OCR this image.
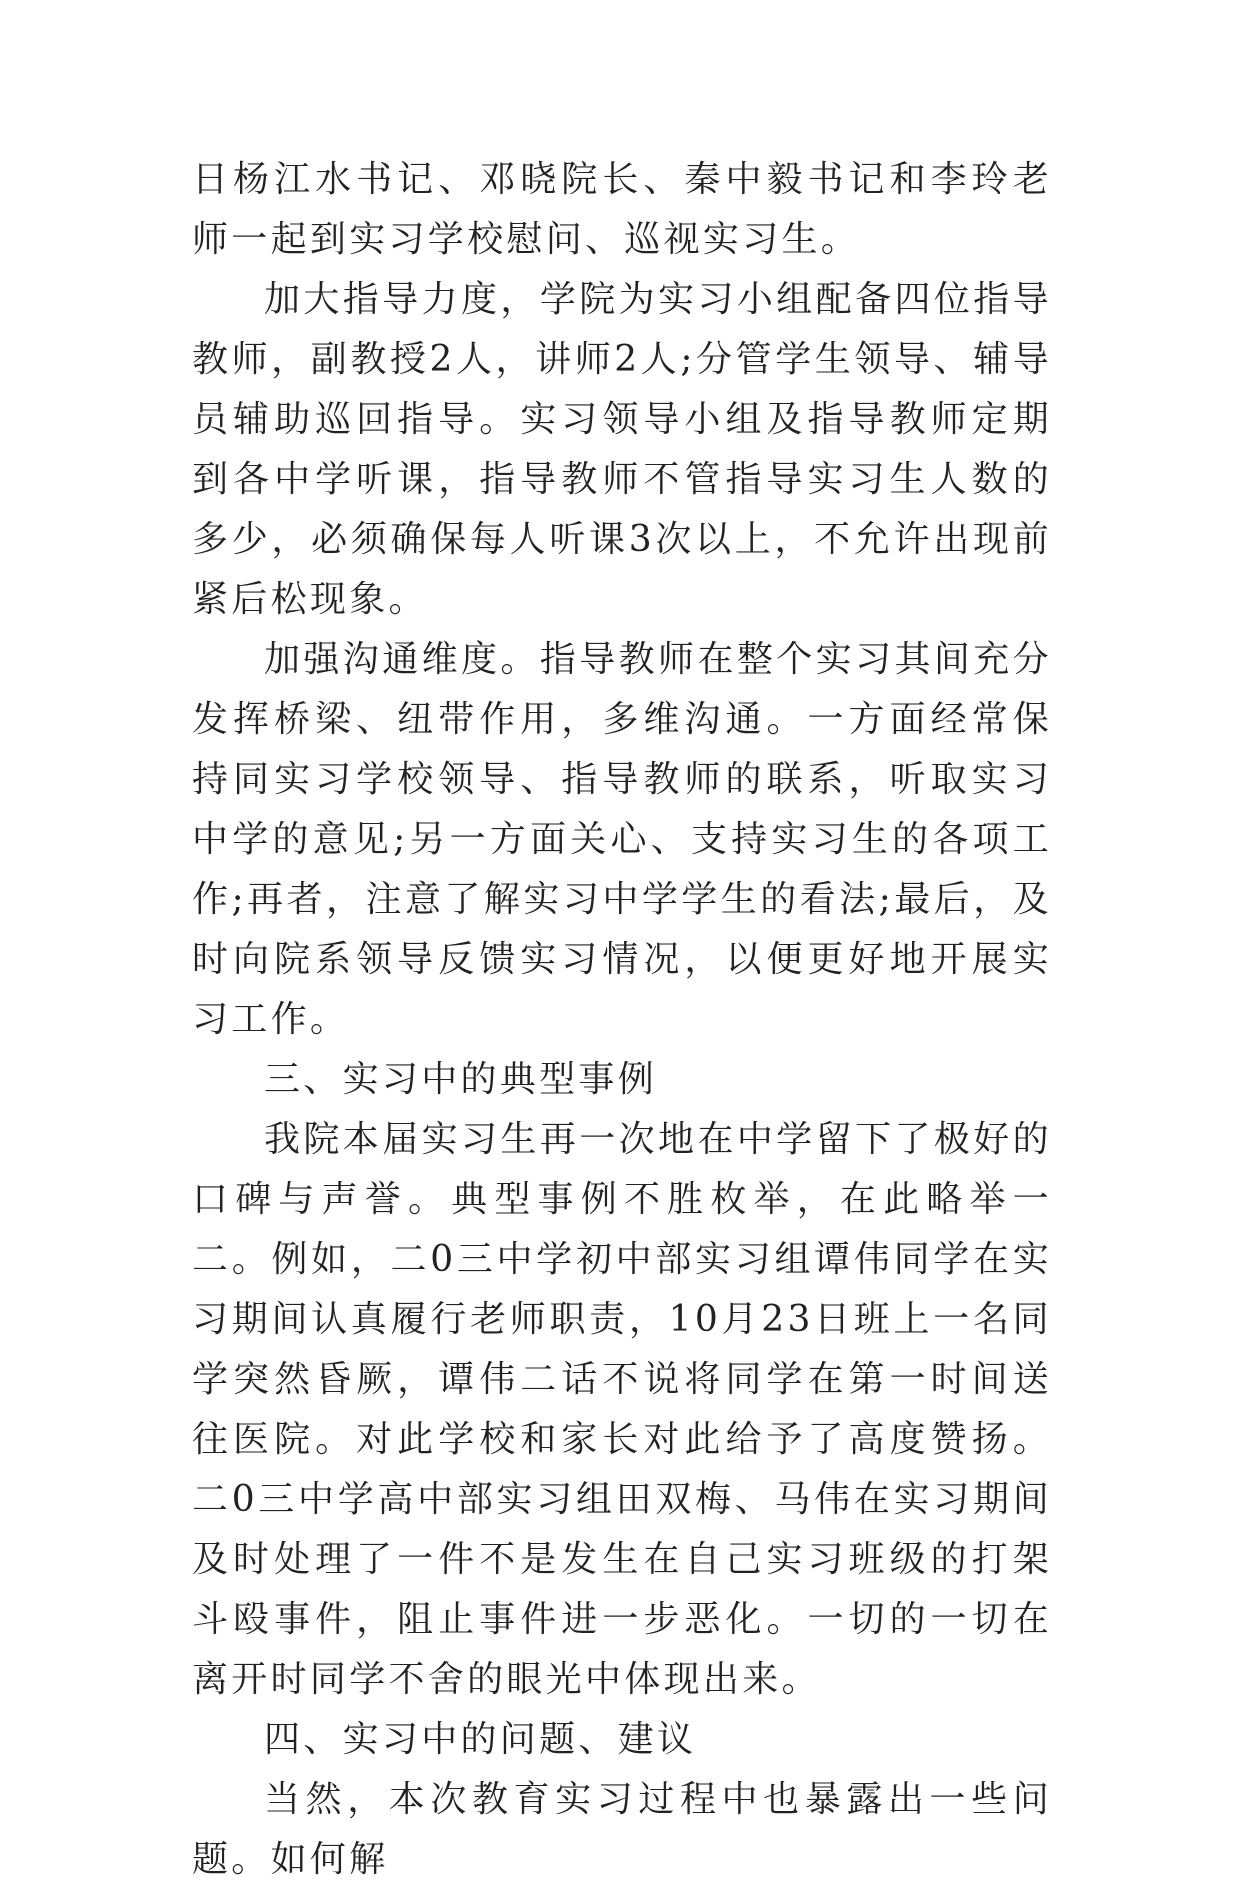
日杨江水书记、邓晓院长、秦中毅书记和李玲老师一起到实习学校慰问、巡视实习生。

加大指导力度，学院为实习小组配备四位指导教师，副教授2人，讲师2人;分管学生领导、辅导员辅助巡回指导。实习领导小组及指导教师定期到各中学听课，指导教师不管指导实习生人数的多少，必须确保每人听课3次以上，不允许出现前紧后松现象。

加强沟通维度。指导教师在整个实习其间充分发挥桥梁、纽带作用，多维沟通。一方面经常保持同实习学校领导、指导教师的联系，听取实习中学的意见;另一方面关心、支持实习生的各项工作;再者，注意了解实习中学学生的看法;最后，及时向院系领导反馈实习情况，以便更好地开展实习工作。

三、实习中的典型事例

我院本届实习生再一次地在中学留下了极好的口碑与声誉。典型事例不胜枚举，在此略举一二。例如，二0三中学初中部实习组谭伟同学在实习期间认真履行老师职责，10月23日班上一名同学突然昏厥，谭伟二话不说将同学在第一时间送往医院。对此学校和家长对此给予了高度赞扬。二0三中学高中部实习组田双梅、马伟在实习期间及时处理了一件不是发生在自己实习班级的打架斗殴事件，阻止事件进一步恶化。一切的一切在离开时同学不舍的眼光中体现出来。

四、实习中的问题、建议

当然，本次教育实习过程中也暴露出一些问题。如何解
